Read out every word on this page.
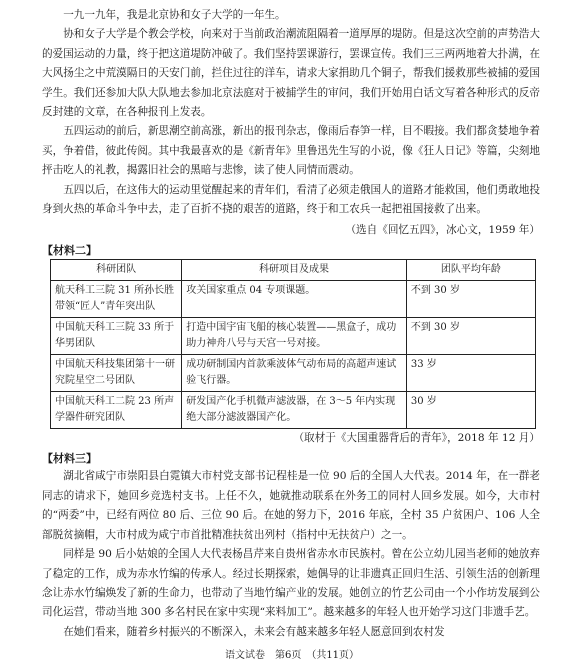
一九一九年，我是北京协和女子大学的一年生。

协和女子大学是个教会学校，向来对于当前政治潮流阻隔着一道厚厚的堤防。但是这次空前的声势浩大的爱国运动的力量，终于把这道堤防冲破了。我们坚持罢课游行，罢课宣传。我们三三两两地着大扑满，在大风扬尘之中荒漠隔日的天安门前，拦住过往的洋车，请求大家捐助几个铜子，帮我们援救那些被捕的爱国学生。我们还参加大队大队地去参加北京法庭对于被捕学生的审问，我们开始用白话文写着各种形式的反帝反封建的文章，在各种报刊上发表。

五四运动的前后，新思潮空前高涨，新出的报刊杂志，像雨后春笋一样，目不暇接。我们都贪婪地争着买，争着借，彼此传阅。其中我最喜欢的是《新青年》里鲁迅先生写的小说，像《狂人日记》等篇，尖刻地抨击吃人的礼教，揭露旧社会的黑暗与悲惨，读了使人同情而震动。

五四以后，在这伟大的运动里觉醒起来的青年们，看清了必须走俄国人的道路才能救国，他们勇敢地投身到火热的革命斗争中去，走了百折不挠的艰苦的道路，终于和工农兵一起把祖国接救了出来。

（选自《回忆五四》，冰心文，1959 年）

【材料二】

科研团队	科研项目及成果	团队平均年龄
航天科工三院 31 所孙长胜带领“匠人”青年突出队	攻关国家重点 04 专项课题。	不到 30 岁
中国航天科工三院 33 所于华男团队	打造中国宇宙飞船的核心装置——黑盒子，成功助力神舟八号与天宫一号对接。	不到 30 岁
中国航天科技集团第十一研究院星空二号团队	成功研制国内首款乘波体气动布局的高超声速试验飞行器。	33 岁
中国航天科工二院 23 所声学器件研究团队	研发国产化手机微声滤波器，在 3～5 年内实现绝大部分滤波器国产化。	30 岁

（取材于《大国重器背后的青年》，2018 年 12 月）

【材料三】

湖北省咸宁市崇阳县白霓镇大市村党支部书记程桂是一位 90 后的全国人大代表。2014 年，在一群老同志的请求下，她回乡竞选村支书。上任不久，她就推动联系在外务工的同村人回乡发展。如今，大市村的“两委”中，已经有两位 80 后、三位 90 后。在她的努力下，2016 年底，全村 35 户贫困户、106 人全部脱贫摘帽，大市村成为咸宁市首批精准扶贫出列村（指村中无扶贫户）之一。

同样是 90 后小姑娘的全国人大代表杨昌芹来自贵州省赤水市民族村。曾在公立幼儿园当老师的她放弃了稳定的工作，成为赤水竹编的传承人。经过长期探索，她偶导的让非遗真正回归生活、引领生活的创新理念让赤水竹编焕发了新的生命力，也带动了当地竹编产业的发展。她创立的竹艺公司由一个小作坊发展到公司化运营，带动当地 300 多名村民在家中实现“来料加工”。越来越多的年轻人也开始学习这门非遗手艺。

在她们看来，随着乡村振兴的不断深入，未来会有越来越多年轻人愿意回到农村发

语文试卷　第6页　（共11页）
